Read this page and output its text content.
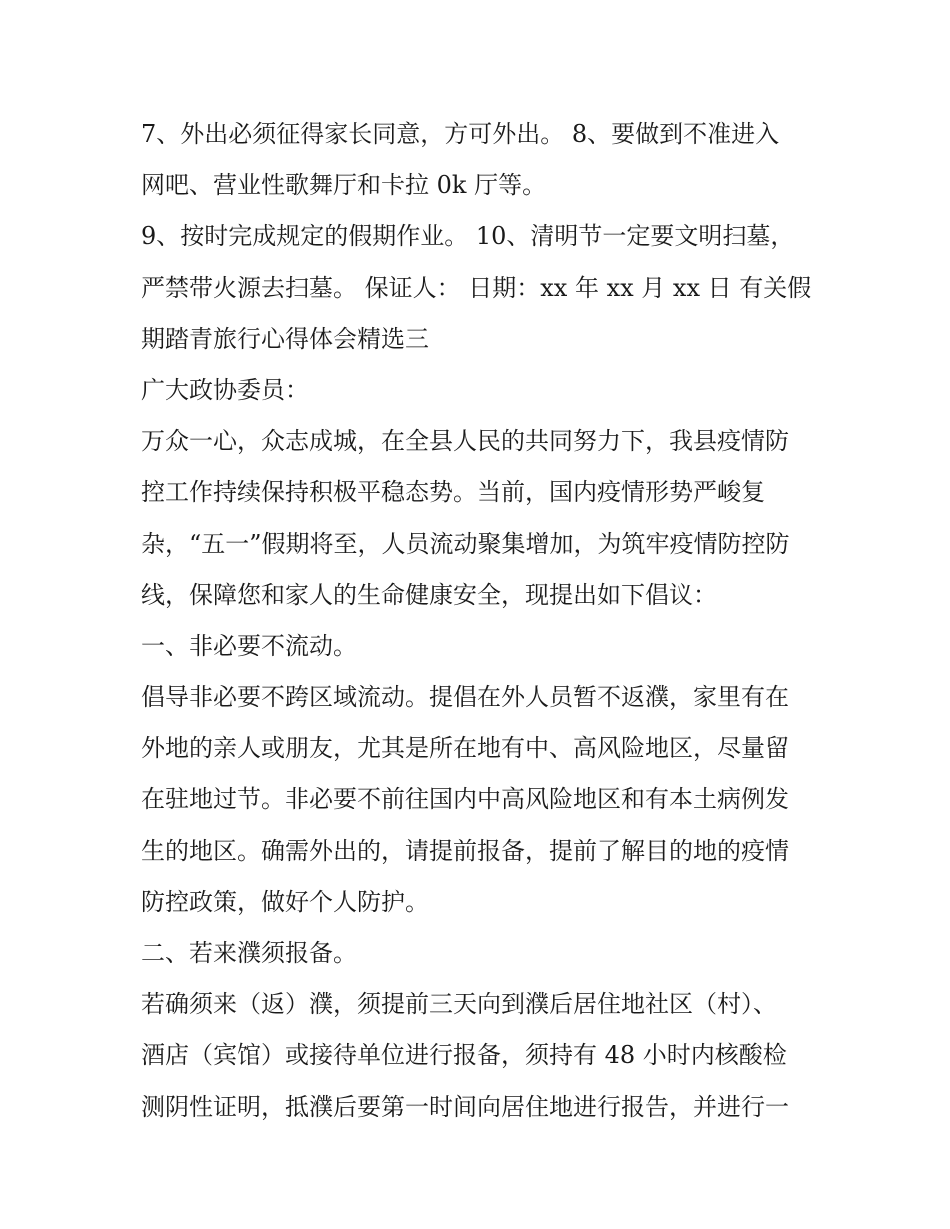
7、外出必须征得家长同意，方可外出。 8、要做到不准进入
网吧、营业性歌舞厅和卡拉 0k 厅等。
9、按时完成规定的假期作业。 10、清明节一定要文明扫墓，
严禁带火源去扫墓。 保证人： 日期：xx 年 xx 月 xx 日 有关假
期踏青旅行心得体会精选三
广大政协委员：
万众一心，众志成城，在全县人民的共同努力下，我县疫情防
控工作持续保持积极平稳态势。当前，国内疫情形势严峻复
杂，“五一”假期将至，人员流动聚集增加，为筑牢疫情防控防
线，保障您和家人的生命健康安全，现提出如下倡议：
一、非必要不流动。
倡导非必要不跨区域流动。提倡在外人员暂不返濮，家里有在
外地的亲人或朋友，尤其是所在地有中、高风险地区，尽量留
在驻地过节。非必要不前往国内中高风险地区和有本土病例发
生的地区。确需外出的，请提前报备，提前了解目的地的疫情
防控政策，做好个人防护。
二、若来濮须报备。
若确须来（返）濮，须提前三天向到濮后居住地社区（村）、
酒店（宾馆）或接待单位进行报备，须持有 48 小时内核酸检
测阴性证明，抵濮后要第一时间向居住地进行报告，并进行一
